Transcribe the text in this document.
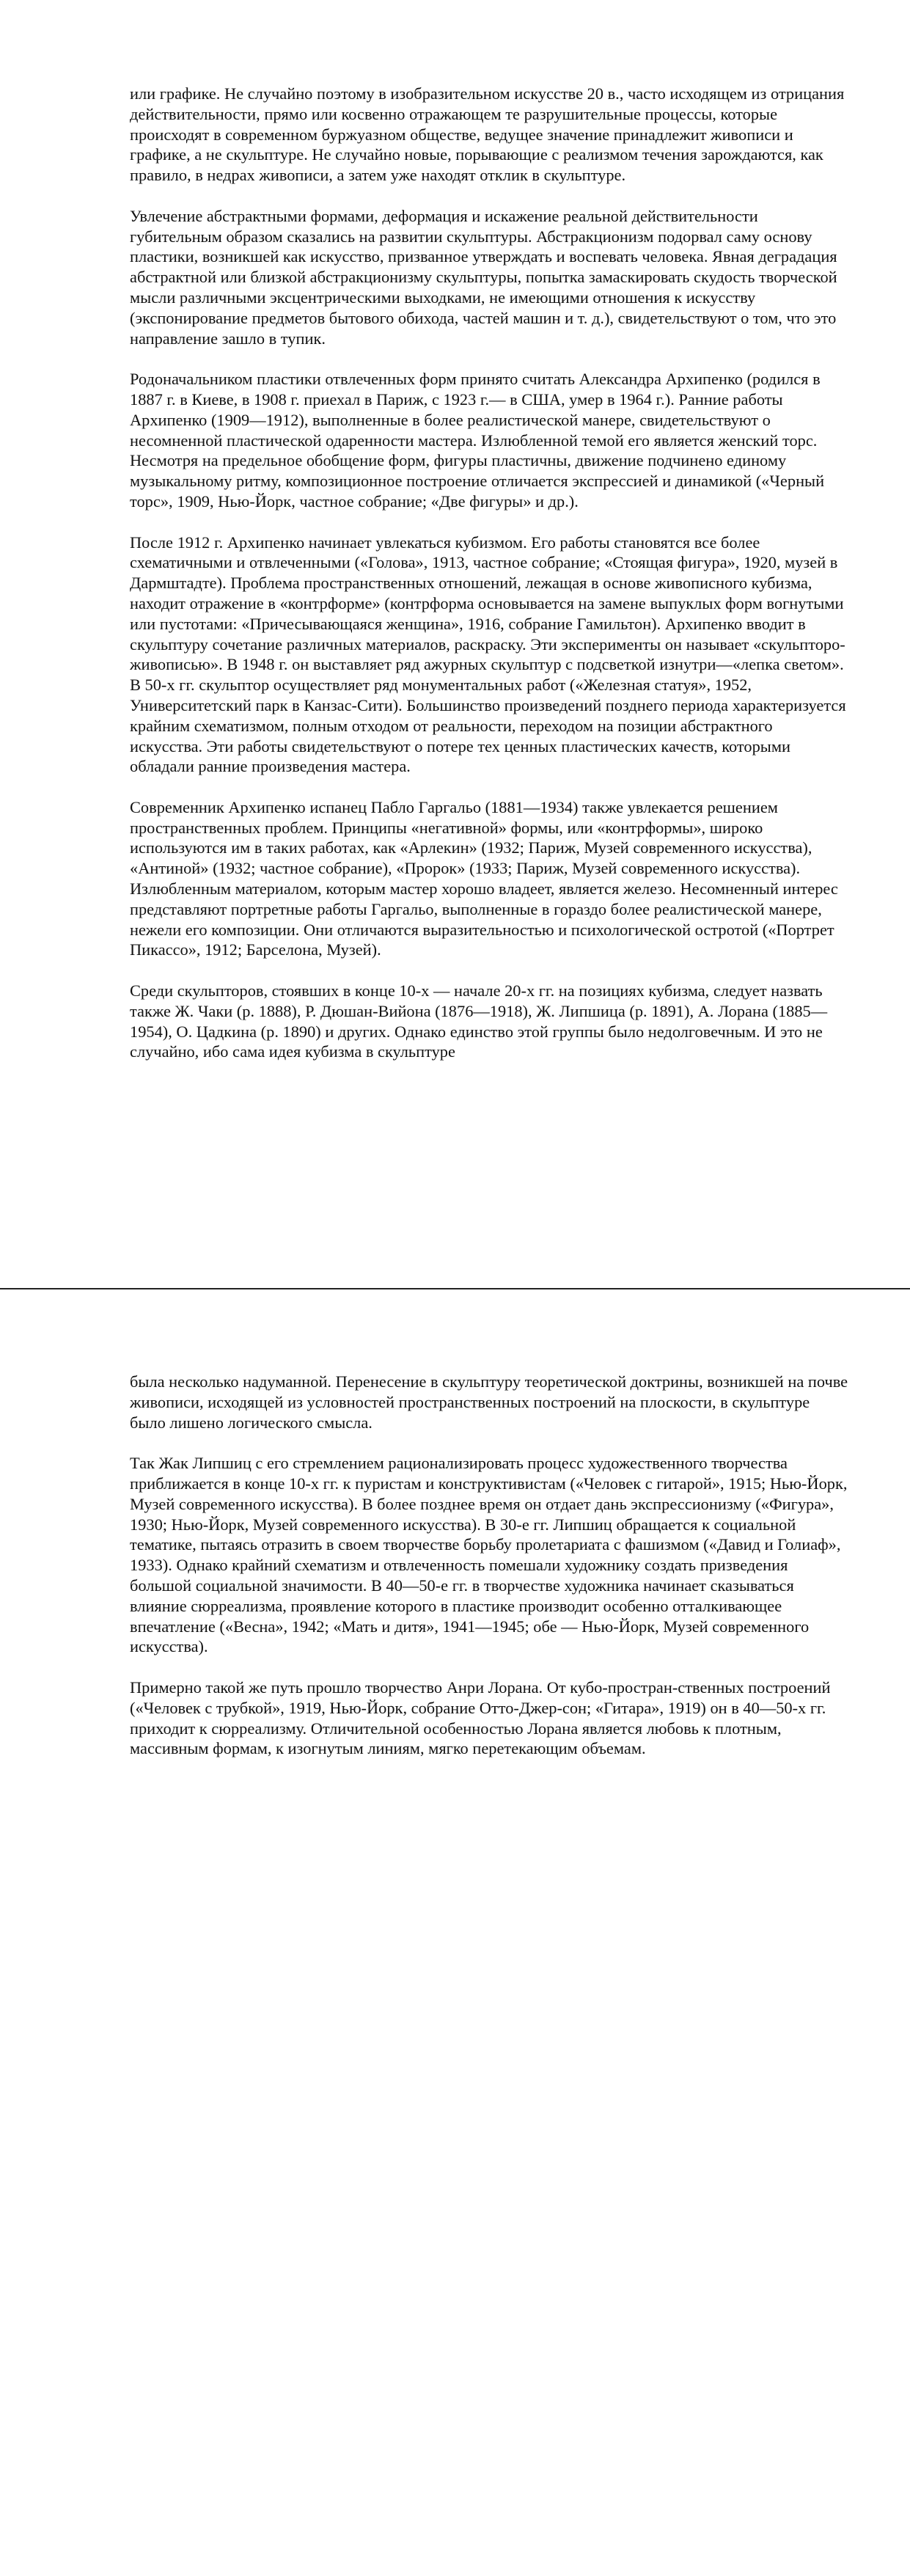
или графике. Не случайно поэтому в изобразительном искусстве 20 в., часто исходящем из отрицания действительности, прямо или косвенно отражающем те разрушительные процессы, которые происходят в современном буржуазном обществе, ведущее значение принадлежит живописи и графике, а не скульптуре. Не случайно новые, порывающие с реализмом течения зарождаются, как правило, в недрах живописи, а затем уже находят отклик в скульптуре.

Увлечение абстрактными формами, деформация и искажение реальной действительности губительным образом сказались на развитии скульптуры. Абстракционизм подорвал саму основу пластики, возникшей как искусство, призванное утверждать и воспевать человека. Явная деградация абстрактной или близкой абстракционизму скульптуры, попытка замаскировать скудость творческой мысли различными эксцентрическими выходками, не имеющими отношения к искусству (экспонирование предметов бытового обихода, частей машин и т. д.), свидетельствуют о том, что это направление зашло в тупик.

Родоначальником пластики отвлеченных форм принято считать Александра Архипенко (родился в 1887 г. в Киеве, в 1908 г. приехал в Париж, с 1923 г.— в США, умер в 1964 г.). Ранние работы Архипенко (1909—1912), выполненные в более реалистической манере, свидетельствуют о несомненной пластической одаренности мастера. Излюбленной темой его является женский торс. Несмотря на предельное обобщение форм, фигуры пластичны, движение подчинено единому музыкальному ритму, композиционное построение отличается экспрессией и динамикой («Черный торс», 1909, Нью-Йорк, частное собрание; «Две фигуры» и др.).

После 1912 г. Архипенко начинает увлекаться кубизмом. Его работы становятся все более схематичными и отвлеченными («Голова», 1913, частное собрание; «Стоящая фигура», 1920, музей в Дармштадте). Проблема пространственных отношений, лежащая в основе живописного кубизма, находит отражение в «контрформе» (контрформа основывается на замене выпуклых форм вогнутыми или пустотами: «Причесывающаяся женщина», 1916, собрание Гамильтон). Архипенко вводит в скульптуру сочетание различных материалов, раскраску. Эти эксперименты он называет «скульпторо-живописью». В 1948 г. он выставляет ряд ажурных скульптур с подсветкой изнутри—«лепка светом». В 50-х гг. скульптор осуществляет ряд монументальных работ («Железная статуя», 1952, Университетский парк в Канзас-Сити). Большинство произведений позднего периода характеризуется крайним схематизмом, полным отходом от реальности, переходом на позиции абстрактного искусства. Эти работы свидетельствуют о потере тех ценных пластических качеств, которыми обладали ранние произведения мастера.

Современник Архипенко испанец Пабло Гаргальо (1881—1934) также увлекается решением пространственных проблем. Принципы «негативной» формы, или «контрформы», широко используются им в таких работах, как «Арлекин» (1932; Париж, Музей современного искусства), «Антиной» (1932; частное собрание), «Пророк» (1933; Париж, Музей современного искусства). Излюбленным материалом, которым мастер хорошо владеет, является железо. Несомненный интерес представляют портретные работы Гаргальо, выполненные в гораздо более реалистической манере, нежели его композиции. Они отличаются выразительностью и психологической остротой («Портрет Пикассо», 1912; Барселона, Музей).

Среди скульпторов, стоявших в конце 10-х — начале 20-х гг. на позициях кубизма, следует назвать также Ж. Чаки (р. 1888), Р. Дюшан-Вийона (1876—1918), Ж. Липшица (р. 1891), А. Лорана (1885—1954), О. Цадкина (р. 1890) и других. Однако единство этой группы было недолговечным. И это не случайно, ибо сама идея кубизма в скульптуре

была несколько надуманной. Перенесение в скульптуру теоретической доктрины, возникшей на почве живописи, исходящей из условностей пространственных построений на плоскости, в скульптуре было лишено логического смысла.

Так Жак Липшиц с его стремлением рационализировать процесс художественного творчества приближается в конце 10-х гг. к пуристам и конструктивистам («Человек с гитарой», 1915; Нью-Йорк, Музей современного искусства). В более позднее время он отдает дань экспрессионизму («Фигура», 1930; Нью-Йорк, Музей современного искусства). В 30-е гг. Липшиц обращается к социальной тематике, пытаясь отразить в своем творчестве борьбу пролетариата с фашизмом («Давид и Голиаф», 1933). Однако крайний схематизм и отвлеченность помешали художнику создать призведения большой социальной значимости. В 40—50-е гг. в творчестве художника начинает сказываться влияние сюрреализма, проявление которого в пластике производит особенно отталкивающее впечатление («Весна», 1942; «Мать и дитя», 1941—1945; обе — Нью-Йорк, Музей современного искусства).

Примерно такой же путь прошло творчество Анри Лорана. От кубо-простран-ственных построений («Человек с трубкой», 1919, Нью-Йорк, собрание Отто-Джер-сон; «Гитара», 1919) он в 40—50-х гг. приходит к сюрреализму. Отличительной особенностью Лорана является любовь к плотным, массивным формам, к изогнутым линиям, мягко перетекающим объемам.
